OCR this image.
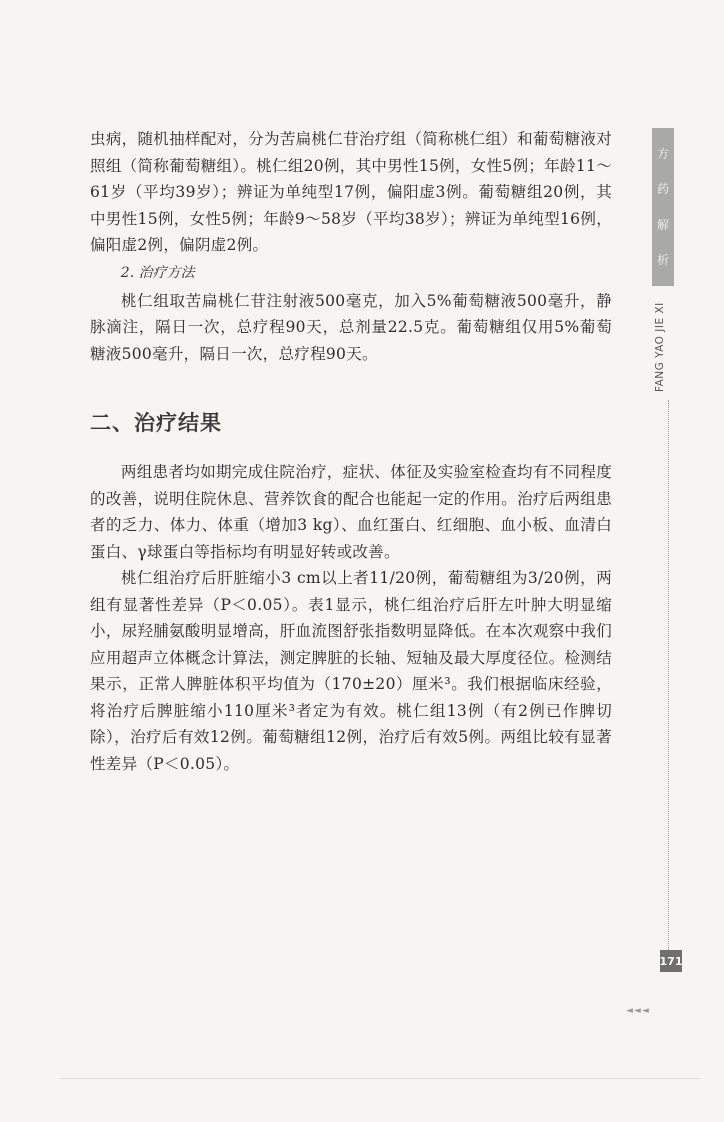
虫病，随机抽样配对，分为苦扁桃仁苷治疗组（简称桃仁组）和葡萄糖液对照组（简称葡萄糖组）。桃仁组20例，其中男性15例，女性5例；年龄11～61岁（平均39岁）；辨证为单纯型17例，偏阳虚3例。葡萄糖组20例，其中男性15例，女性5例；年龄9～58岁（平均38岁）；辨证为单纯型16例，偏阳虚2例，偏阴虚2例。

2. 治疗方法

桃仁组取苦扁桃仁苷注射液500毫克，加入5%葡萄糖液500毫升，静脉滴注，隔日一次，总疗程90天，总剂量22.5克。葡萄糖组仅用5%葡萄糖液500毫升，隔日一次，总疗程90天。

二、治疗结果

两组患者均如期完成住院治疗，症状、体征及实验室检查均有不同程度的改善，说明住院休息、营养饮食的配合也能起一定的作用。治疗后两组患者的乏力、体力、体重（增加3 kg）、血红蛋白、红细胞、血小板、血清白蛋白、γ球蛋白等指标均有明显好转或改善。

桃仁组治疗后肝脏缩小3 cm以上者11/20例，葡萄糖组为3/20例，两组有显著性差异（P＜0.05）。表1显示，桃仁组治疗后肝左叶肿大明显缩小，尿羟脯氨酸明显增高，肝血流图舒张指数明显降低。在本次观察中我们应用超声立体概念计算法，测定脾脏的长轴、短轴及最大厚度径位。检测结果示，正常人脾脏体积平均值为（170±20）厘米³。我们根据临床经验，将治疗后脾脏缩小110厘米³者定为有效。桃仁组13例（有2例已作脾切除），治疗后有效12例。葡萄糖组12例，治疗后有效5例。两组比较有显著性差异（P＜0.05）。

方
药
解
析
FANG YAO JIE XI
171
◄◄◄
